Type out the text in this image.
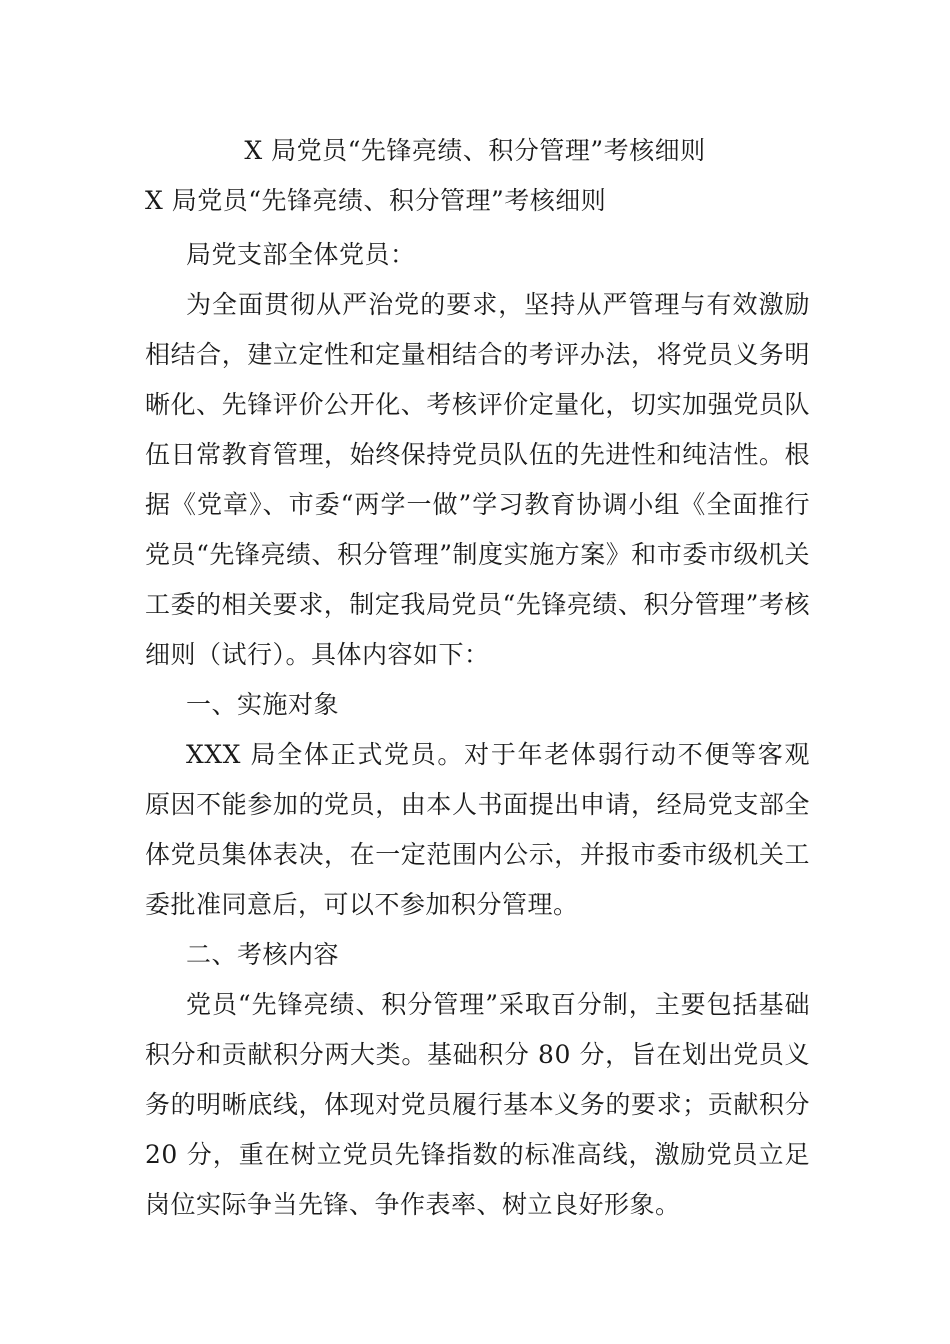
X 局党员“先锋亮绩、积分管理”考核细则
X 局党员“先锋亮绩、积分管理”考核细则

局党支部全体党员：

为全面贯彻从严治党的要求，坚持从严管理与有效激励相结合，建立定性和定量相结合的考评办法，将党员义务明晰化、先锋评价公开化、考核评价定量化，切实加强党员队伍日常教育管理，始终保持党员队伍的先进性和纯洁性。根据《党章》、市委“两学一做”学习教育协调小组《全面推行党员“先锋亮绩、积分管理”制度实施方案》和市委市级机关工委的相关要求，制定我局党员“先锋亮绩、积分管理”考核细则（试行）。具体内容如下：

一、实施对象

XXX 局全体正式党员。对于年老体弱行动不便等客观原因不能参加的党员，由本人书面提出申请，经局党支部全体党员集体表决，在一定范围内公示，并报市委市级机关工委批准同意后，可以不参加积分管理。

二、考核内容

党员“先锋亮绩、积分管理”采取百分制，主要包括基础积分和贡献积分两大类。基础积分 80 分，旨在划出党员义务的明晰底线，体现对党员履行基本义务的要求；贡献积分 20 分，重在树立党员先锋指数的标准高线，激励党员立足岗位实际争当先锋、争作表率、树立良好形象。
